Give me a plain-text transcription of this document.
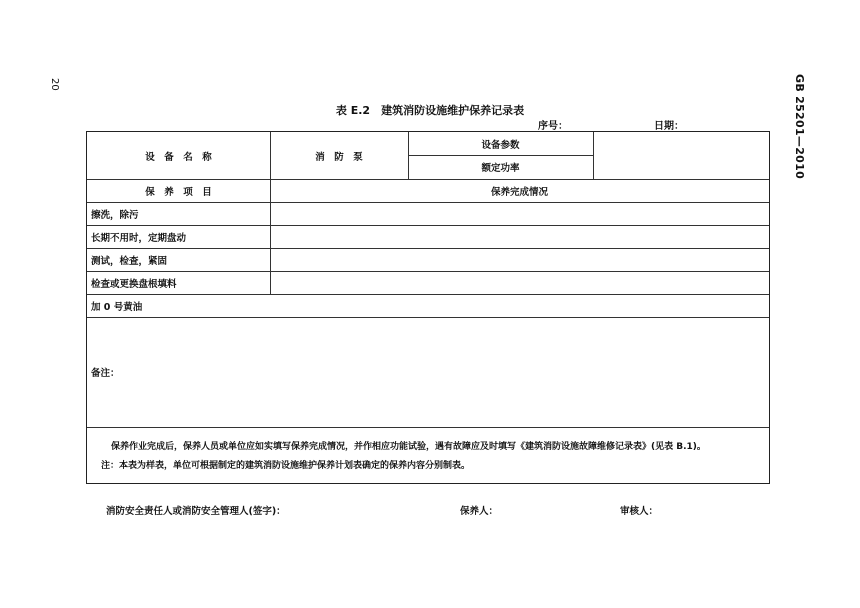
20	GB 25201—2010
表 E.2　建筑消防设施维护保养记录表
序号：	日期：
设　备　名　称	消　防　泵
设备参数
额定功率
保　养　项　目	保养完成情况
擦洗，除污
长期不用时，定期盘动
测试，检查，紧固
检查或更换盘根填料
加 0 号黄油
备注：
保养作业完成后，保养人员或单位应如实填写保养完成情况，并作相应功能试验，遇有故障应及时填写《建筑消防设施故障维修记录表》(见表 B.1)。
注：本表为样表，单位可根据制定的建筑消防设施维护保养计划表确定的保养内容分别制表。
消防安全责任人或消防安全管理人(签字)：	保养人：	审核人：
